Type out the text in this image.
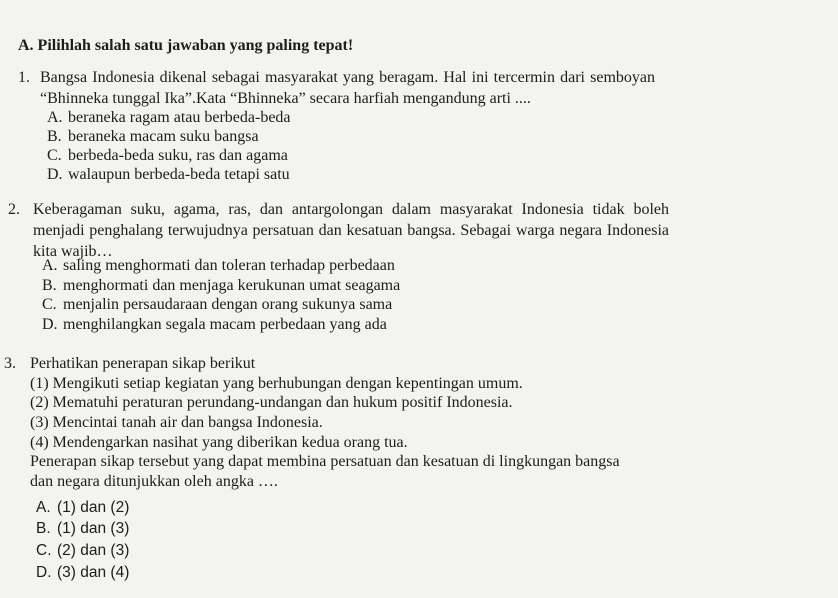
A. Pilihlah salah satu jawaban yang paling tepat!
1. Bangsa Indonesia dikenal sebagai masyarakat yang beragam. Hal ini tercermin dari semboyan “Bhinneka tunggal Ika”.Kata “Bhinneka” secara harfiah mengandung arti ....
A. beraneka ragam atau berbeda-beda
B. beraneka macam suku bangsa
C. berbeda-beda suku, ras dan agama
D. walaupun berbeda-beda tetapi satu
2. Keberagaman suku, agama, ras, dan antargolongan dalam masyarakat Indonesia tidak boleh menjadi penghalang terwujudnya persatuan dan kesatuan bangsa. Sebagai warga negara Indonesia kita wajib…
A. saling menghormati dan toleran terhadap perbedaan
B. menghormati dan menjaga kerukunan umat seagama
C. menjalin persaudaraan dengan orang sukunya sama
D. menghilangkan segala macam perbedaan yang ada
3. Perhatikan penerapan sikap berikut
(1) Mengikuti setiap kegiatan yang berhubungan dengan kepentingan umum.
(2) Mematuhi peraturan perundang-undangan dan hukum positif Indonesia.
(3) Mencintai tanah air dan bangsa Indonesia.
(4) Mendengarkan nasihat yang diberikan kedua orang tua.
Penerapan sikap tersebut yang dapat membina persatuan dan kesatuan di lingkungan bangsa
dan negara ditunjukkan oleh angka ….
A. (1) dan (2)
B. (1) dan (3)
C. (2) dan (3)
D. (3) dan (4)
